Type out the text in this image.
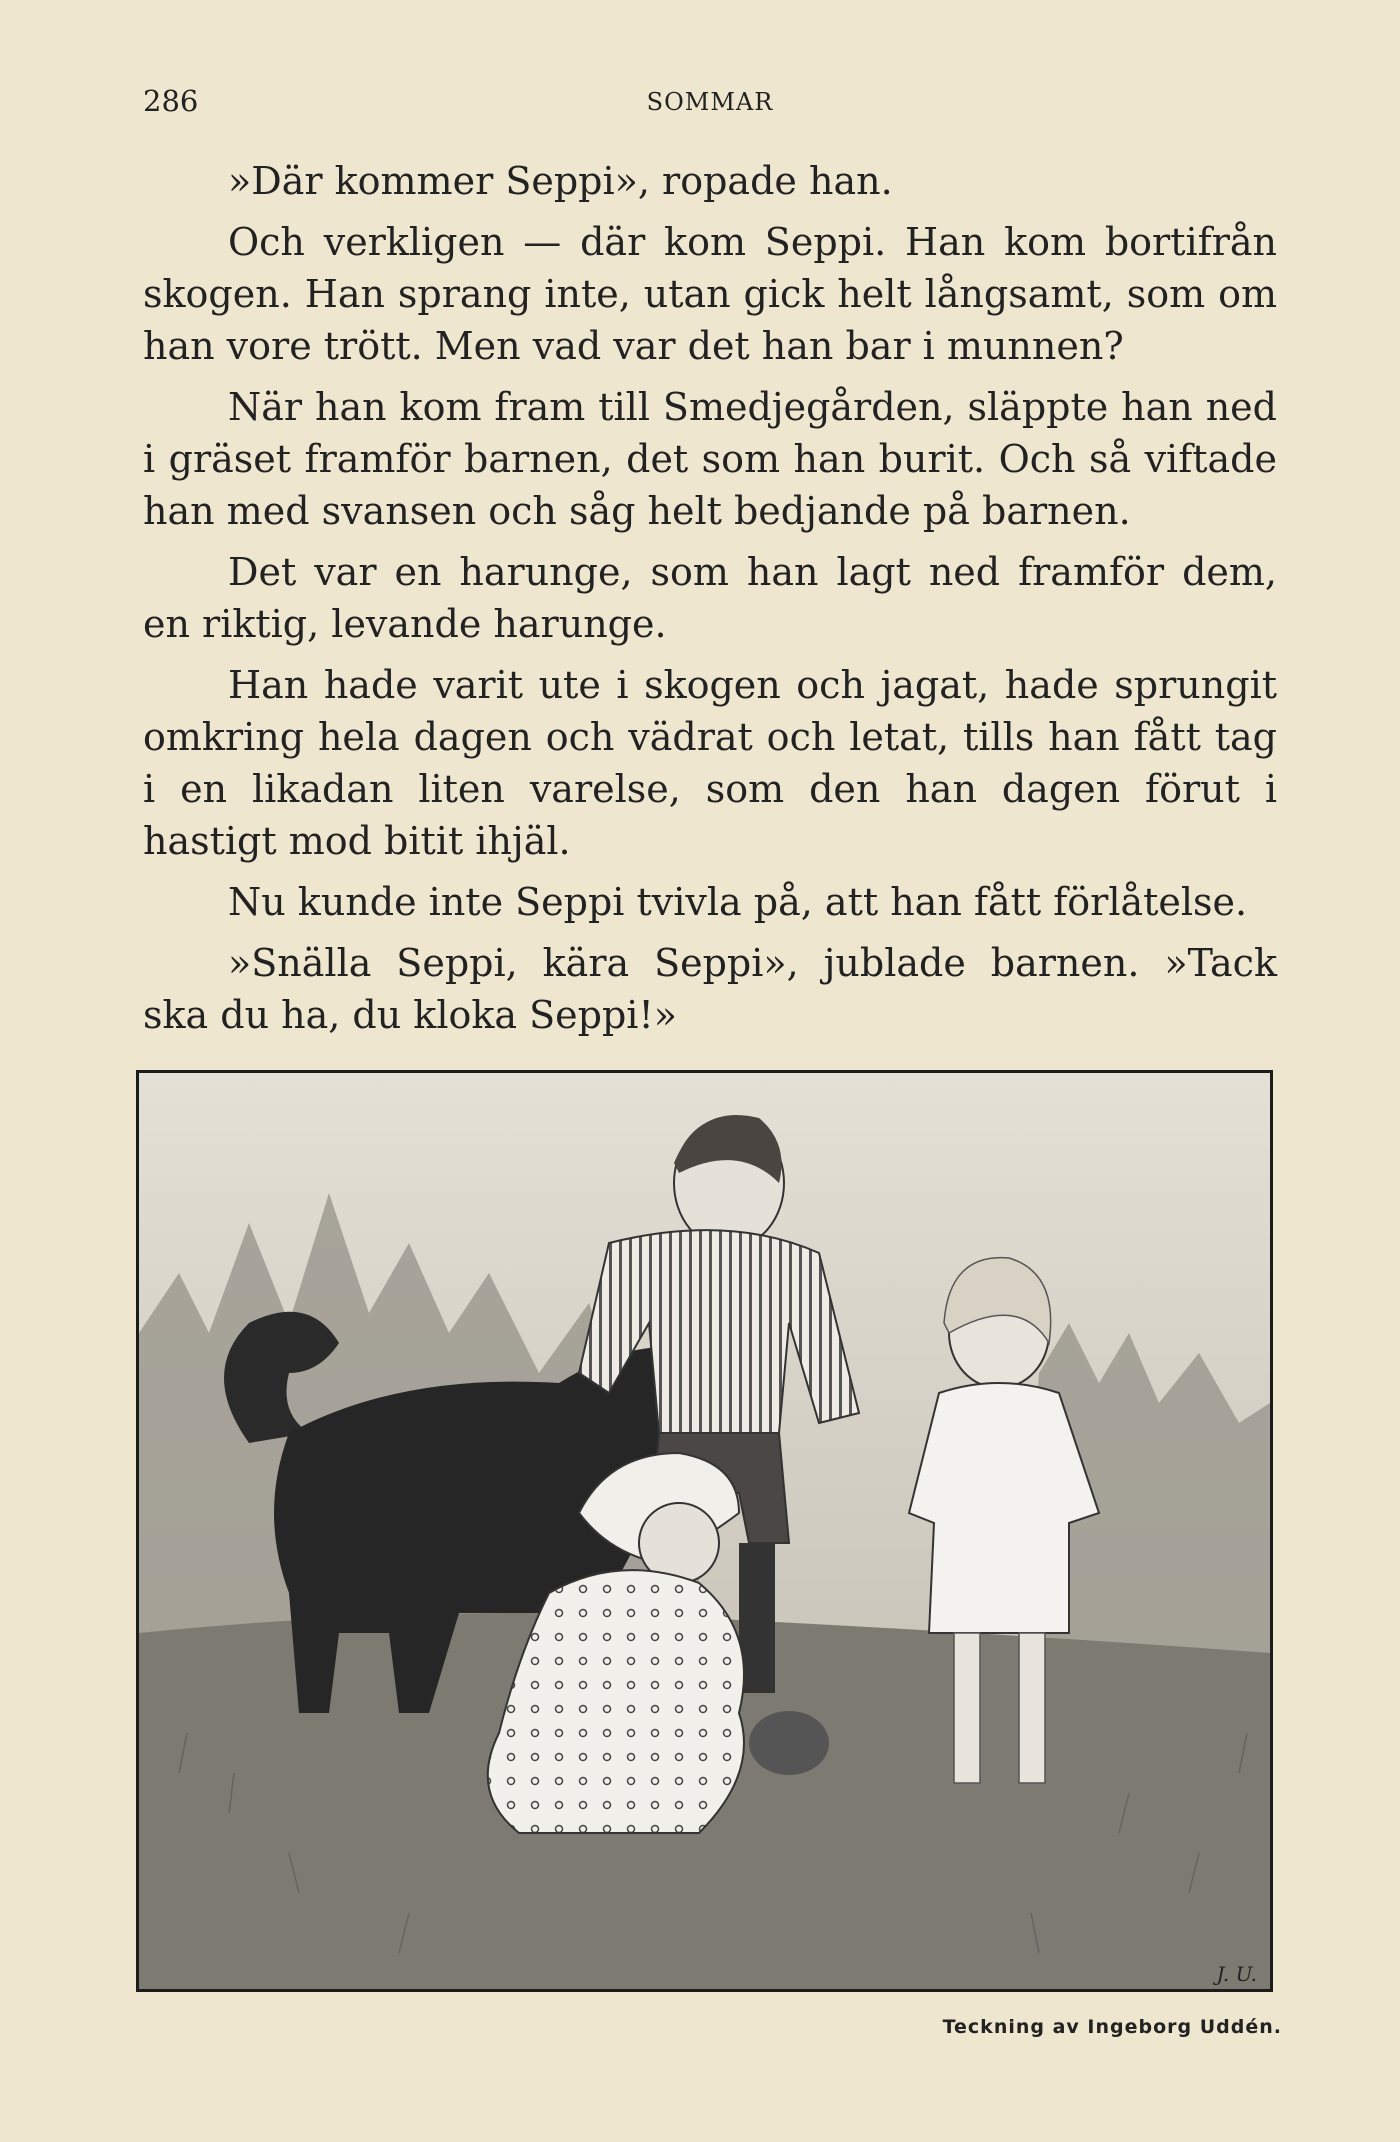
286	SOMMAR

»Där kommer Seppi», ropade han.

Och verkligen — där kom Seppi. Han kom bortifrån skogen. Han sprang inte, utan gick helt långsamt, som om han vore trött. Men vad var det han bar i munnen?

När han kom fram till Smedjegården, släppte han ned i gräset framför barnen, det som han burit. Och så viftade han med svansen och såg helt bedjande på barnen.

Det var en harunge, som han lagt ned framför dem, en riktig, levande harunge.

Han hade varit ute i skogen och jagat, hade sprungit omkring hela dagen och vädrat och letat, tills han fått tag i en likadan liten varelse, som den han dagen förut i hastigt mod bitit ihjäl.

Nu kunde inte Seppi tvivla på, att han fått förlåtelse.

»Snälla Seppi, kära Seppi», jublade barnen. »Tack ska du ha, du kloka Seppi!»

J. U.
Teckning av Ingeborg Uddén.
